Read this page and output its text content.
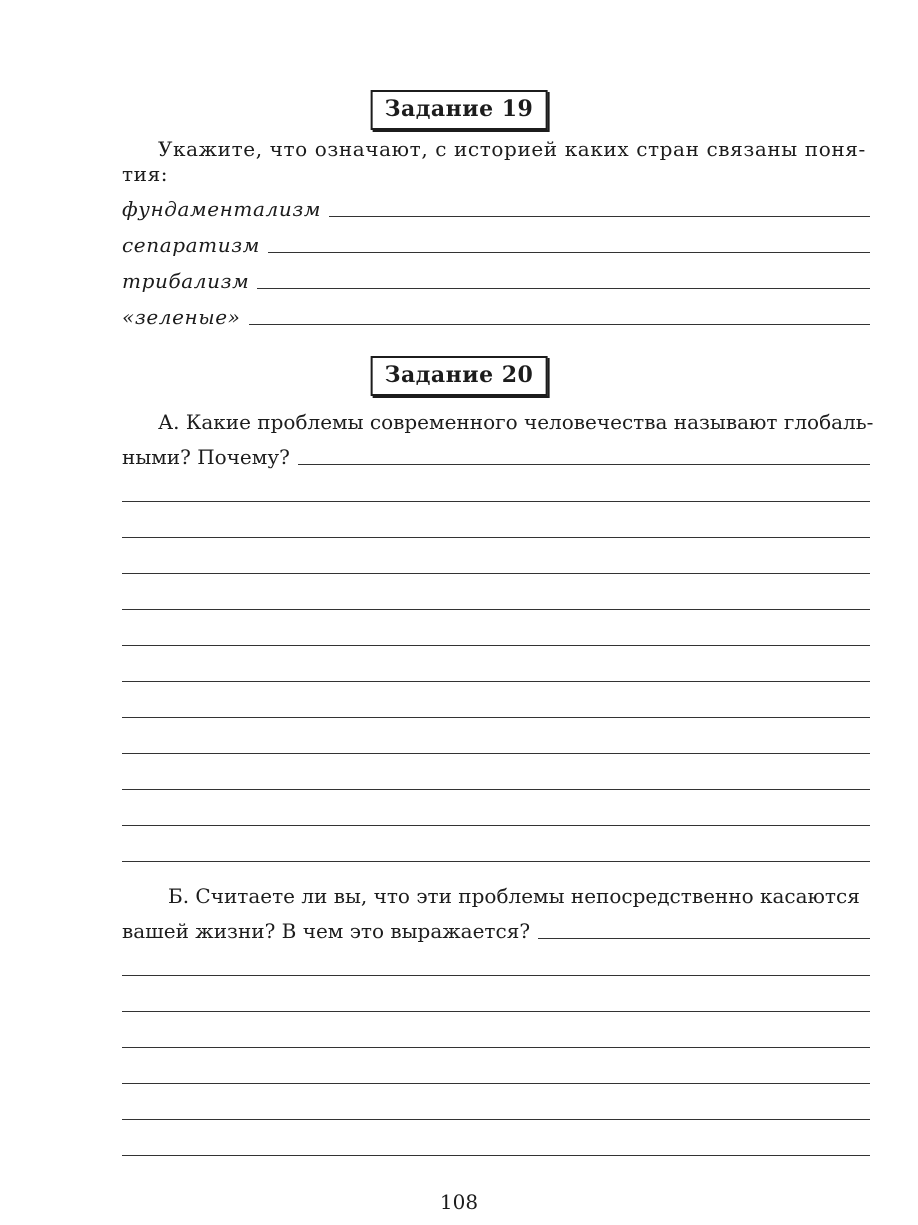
Задание 19
Укажите, что означают, с историей каких стран связаны поня-
тия:
фундаментализм
сепаратизм
трибализм
«зеленые»
Задание 20
А. Какие проблемы современного человечества называют глобаль-
ными? Почему?
Б. Считаете ли вы, что эти проблемы непосредственно касаются
вашей жизни? В чем это выражается?
108
